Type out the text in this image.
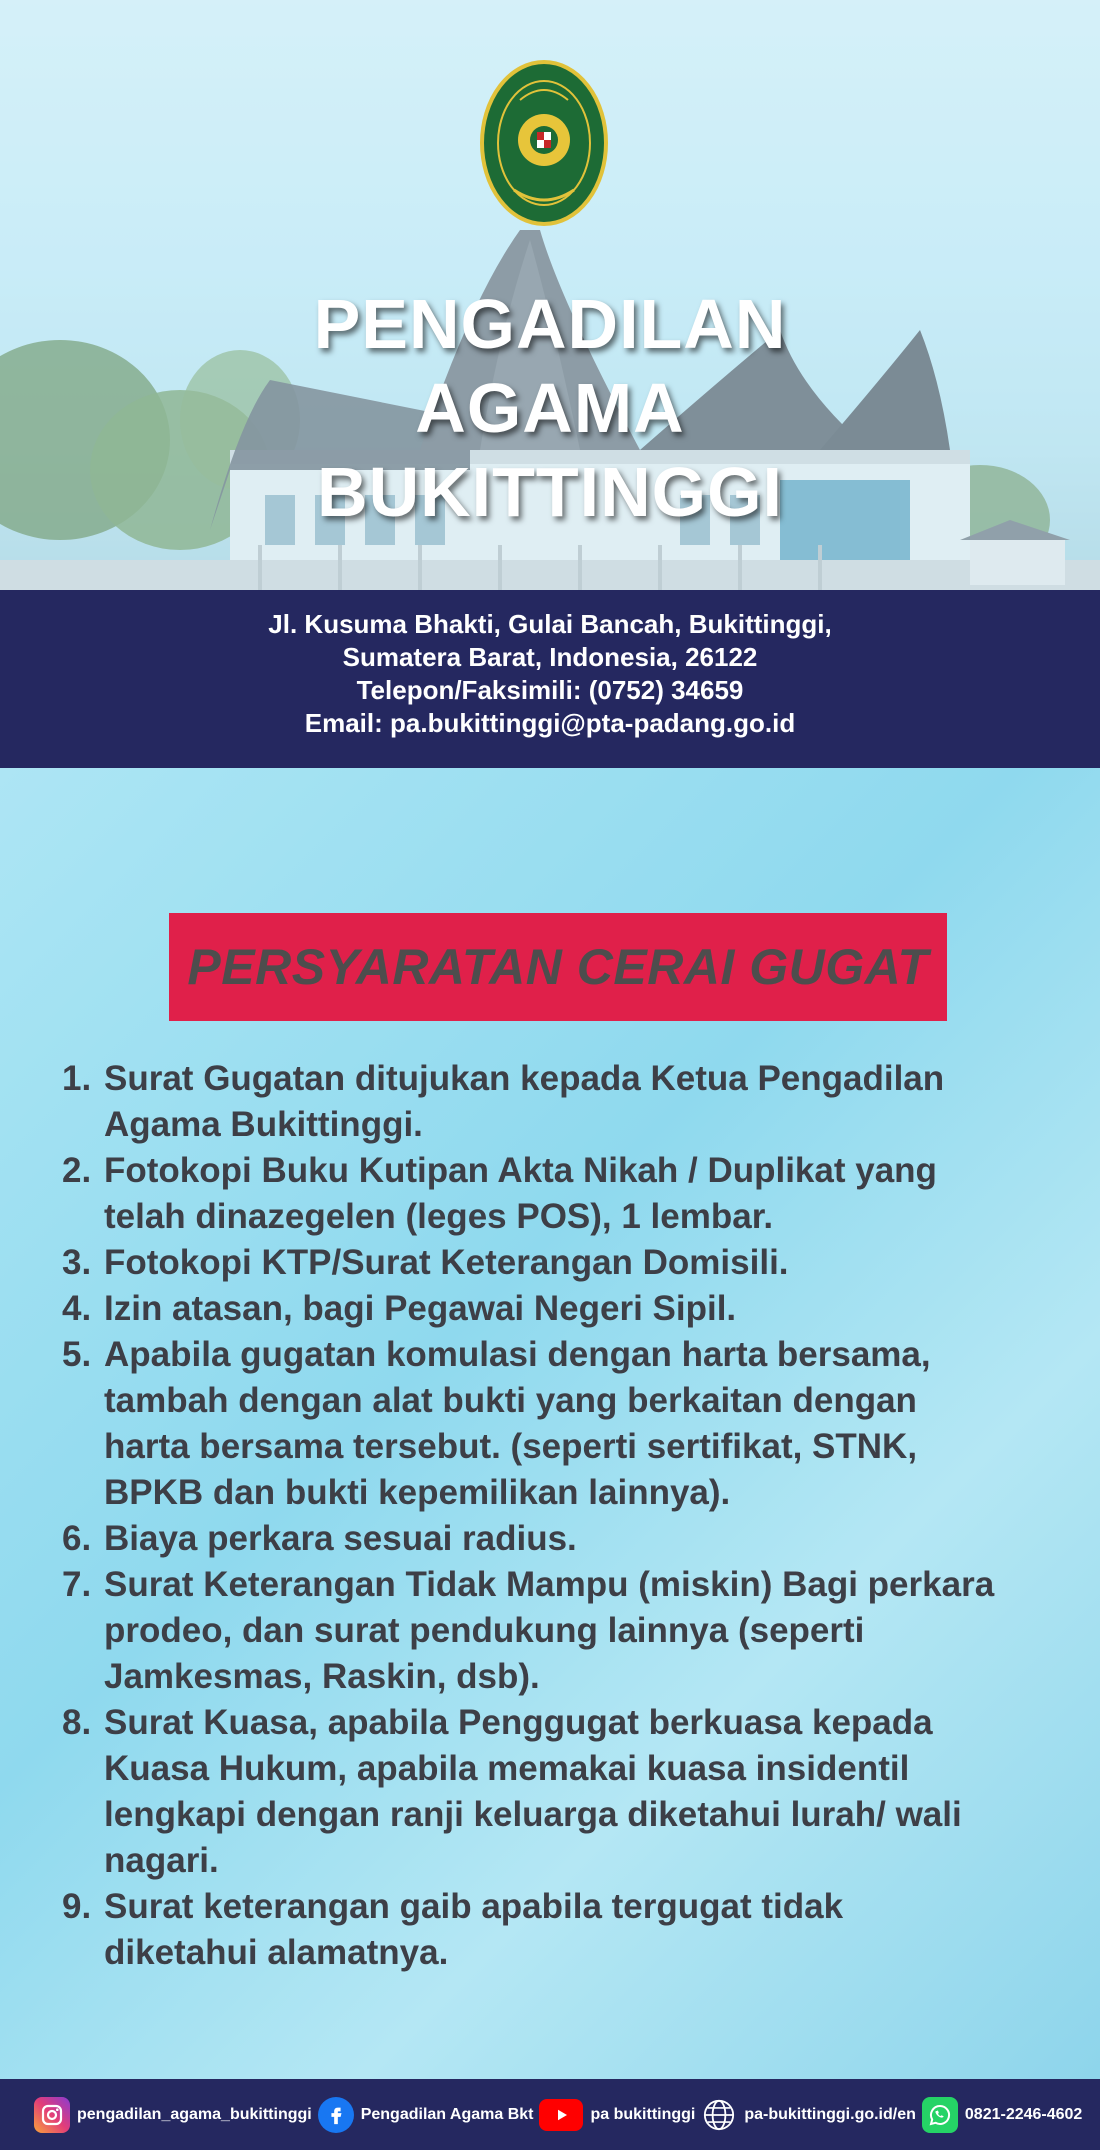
PENGADILAN
AGAMA
BUKITTINGGI
Jl. Kusuma Bhakti, Gulai Bancah, Bukittinggi,
Sumatera Barat, Indonesia, 26122
Telepon/Faksimili: (0752) 34659
Email: pa.bukittinggi@pta-padang.go.id
PERSYARATAN CERAI GUGAT
1. Surat Gugatan ditujukan kepada Ketua Pengadilan
Agama Bukittinggi.
2. Fotokopi Buku Kutipan Akta Nikah / Duplikat yang
telah dinazegelen (leges POS), 1 lembar.
3. Fotokopi KTP/Surat Keterangan Domisili.
4. Izin atasan, bagi Pegawai Negeri Sipil.
5. Apabila gugatan komulasi dengan harta bersama,
tambah dengan alat bukti yang berkaitan dengan
harta bersama tersebut. (seperti sertifikat, STNK,
BPKB dan bukti kepemilikan lainnya).
6. Biaya perkara sesuai radius.
7. Surat Keterangan Tidak Mampu (miskin) Bagi perkara
prodeo, dan surat pendukung lainnya (seperti
Jamkesmas, Raskin, dsb).
8. Surat Kuasa, apabila Penggugat berkuasa kepada
Kuasa Hukum, apabila memakai kuasa insidentil
lengkapi dengan ranji keluarga diketahui lurah/ wali
nagari.
9. Surat keterangan gaib apabila tergugat tidak
diketahui alamatnya.
pengadilan_agama_bukittinggi	Pengadilan Agama Bkt	pa bukittinggi	pa-bukittinggi.go.id/en	0821-2246-4602
